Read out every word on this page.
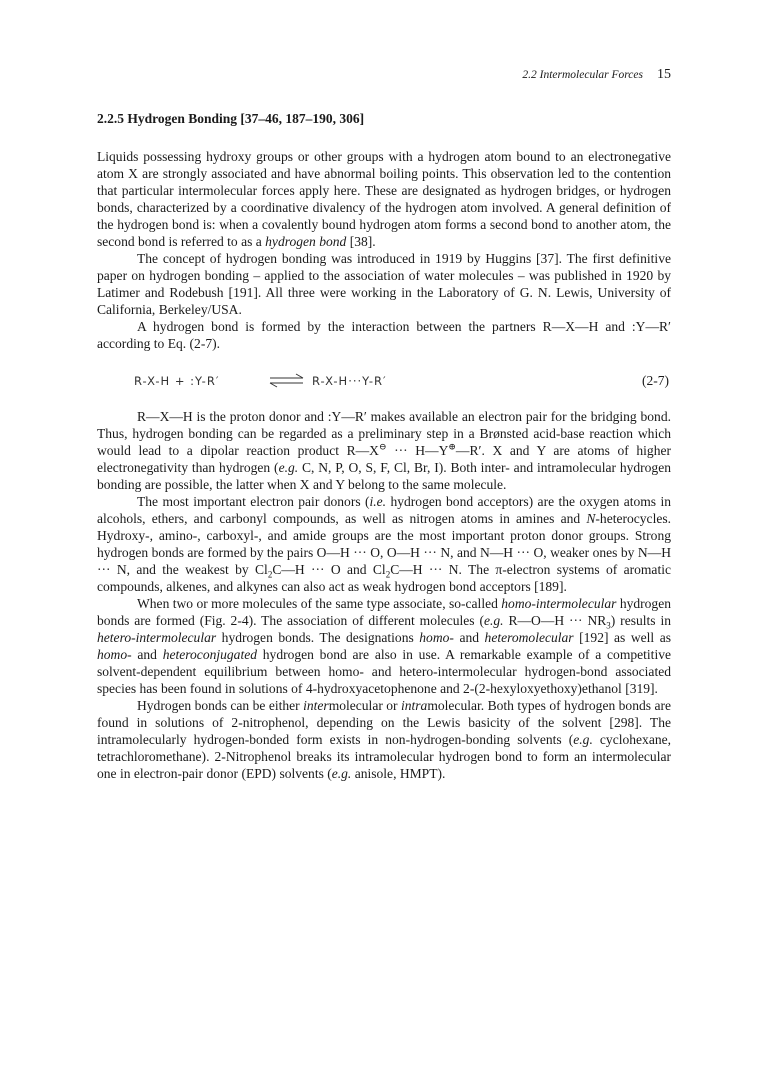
2.2 Intermolecular Forces 15
2.2.5 Hydrogen Bonding [37–46, 187–190, 306]

Liquids possessing hydroxy groups or other groups with a hydrogen atom bound to an electronegative atom X are strongly associated and have abnormal boiling points. This observation led to the contention that particular intermolecular forces apply here. These are designated as hydrogen bridges, or hydrogen bonds, characterized by a coordinative divalency of the hydrogen atom involved. A general definition of the hydrogen bond is: when a covalently bound hydrogen atom forms a second bond to another atom, the second bond is referred to as a hydrogen bond [38].

The concept of hydrogen bonding was introduced in 1919 by Huggins [37]. The first definitive paper on hydrogen bonding – applied to the association of water molecules – was published in 1920 by Latimer and Rodebush [191]. All three were working in the Laboratory of G. N. Lewis, University of California, Berkeley/USA.

A hydrogen bond is formed by the interaction between the partners R—X—H and :Y—R′ according to Eq. (2-7).

R-X-H + :Y-R′	⇌ R-X-H···Y-R′	(2-7)

R—X—H is the proton donor and :Y—R′ makes available an electron pair for the bridging bond. Thus, hydrogen bonding can be regarded as a preliminary step in a Brønsted acid-base reaction which would lead to a dipolar reaction product R—X⊖ ··· H—Y⊕—R′. X and Y are atoms of higher electronegativity than hydrogen (e.g. C, N, P, O, S, F, Cl, Br, I). Both inter- and intramolecular hydrogen bonding are possible, the latter when X and Y belong to the same molecule.

The most important electron pair donors (i.e. hydrogen bond acceptors) are the oxygen atoms in alcohols, ethers, and carbonyl compounds, as well as nitrogen atoms in amines and N-heterocycles. Hydroxy-, amino-, carboxyl-, and amide groups are the most important proton donor groups. Strong hydrogen bonds are formed by the pairs O—H ··· O, O—H ··· N, and N—H ··· O, weaker ones by N—H ··· N, and the weakest by $Cl_2C—H$ ··· O and $Cl_2C—H$ ··· N. The π-electron systems of aromatic compounds, alkenes, and alkynes can also act as weak hydrogen bond acceptors [189].

When two or more molecules of the same type associate, so-called homo-intermolecular hydrogen bonds are formed (Fig. 2-4). The association of different molecules (e.g. R—O—H ··· $NR_3$) results in hetero-intermolecular hydrogen bonds. The designations homo- and heteromolecular [192] as well as homo- and heteroconjugated hydrogen bond are also in use. A remarkable example of a competitive solvent-dependent equilibrium between homo- and hetero-intermolecular hydrogen-bond associated species has been found in solutions of 4-hydroxyacetophenone and 2-(2-hexyloxyethoxy)ethanol [319].

Hydrogen bonds can be either intermolecular or intramolecular. Both types of hydrogen bonds are found in solutions of 2-nitrophenol, depending on the Lewis basicity of the solvent [298]. The intramolecularly hydrogen-bonded form exists in non-hydrogen-bonding solvents (e.g. cyclohexane, tetrachloromethane). 2-Nitrophenol breaks its intramolecular hydrogen bond to form an intermolecular one in electron-pair donor (EPD) solvents (e.g. anisole, HMPT).
